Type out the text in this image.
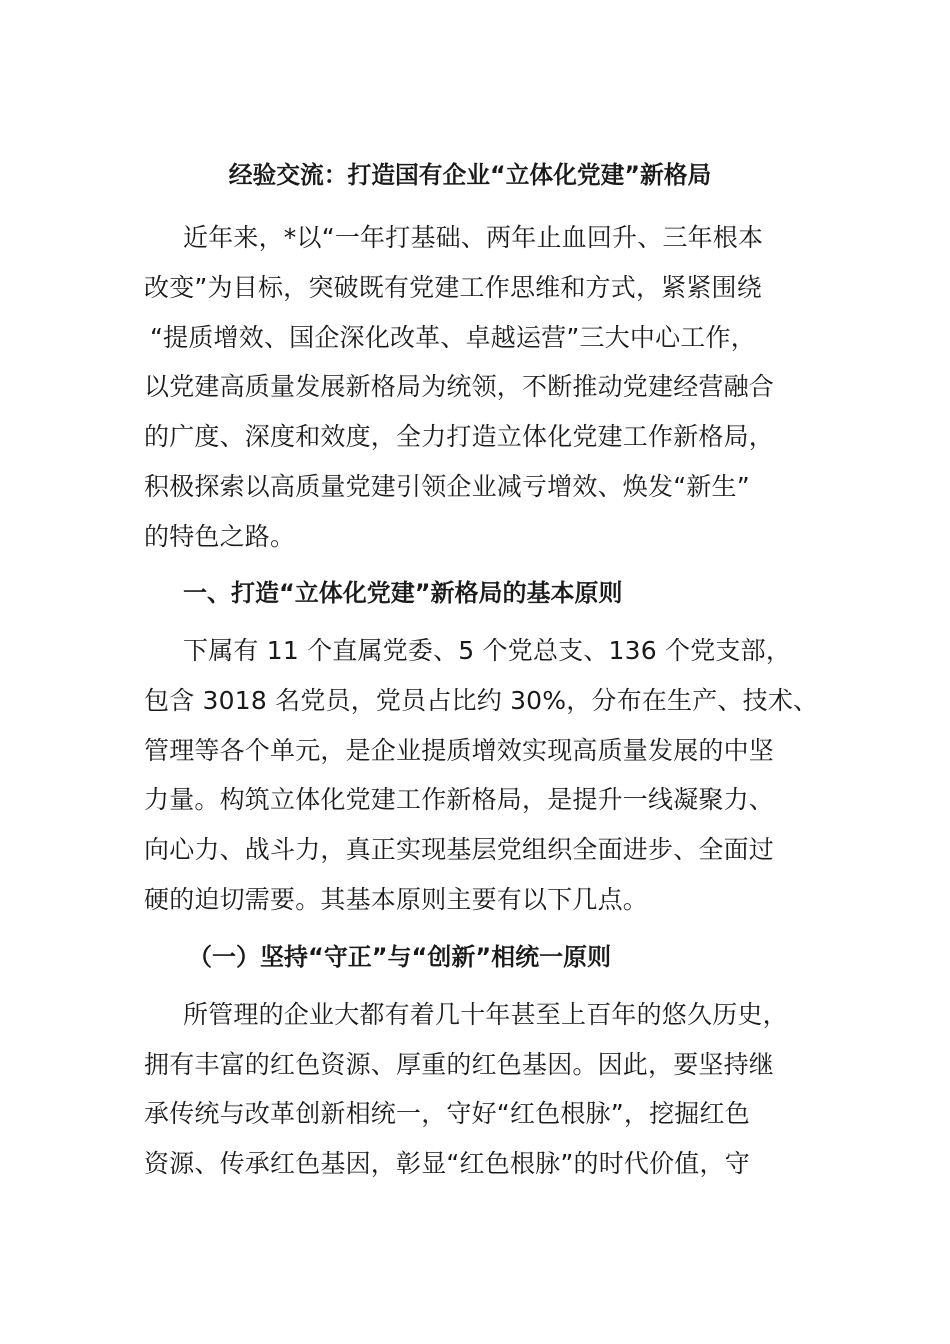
经验交流：打造国有企业“立体化党建”新格局
近年来，*以“一年打基础、两年止血回升、三年根本
改变”为目标，突破既有党建工作思维和方式，紧紧围绕
“提质增效、国企深化改革、卓越运营”三大中心工作，
以党建高质量发展新格局为统领，不断推动党建经营融合
的广度、深度和效度，全力打造立体化党建工作新格局，
积极探索以高质量党建引领企业减亏增效、焕发“新生”
的特色之路。
一、打造“立体化党建”新格局的基本原则
下属有 11 个直属党委、5 个党总支、136 个党支部，
包含 3018 名党员，党员占比约 30%，分布在生产、技术、
管理等各个单元，是企业提质增效实现高质量发展的中坚
力量。构筑立体化党建工作新格局，是提升一线凝聚力、
向心力、战斗力，真正实现基层党组织全面进步、全面过
硬的迫切需要。其基本原则主要有以下几点。
（一）坚持“守正”与“创新”相统一原则
所管理的企业大都有着几十年甚至上百年的悠久历史，
拥有丰富的红色资源、厚重的红色基因。因此，要坚持继
承传统与改革创新相统一，守好“红色根脉”，挖掘红色
资源、传承红色基因，彰显“红色根脉”的时代价值，守
